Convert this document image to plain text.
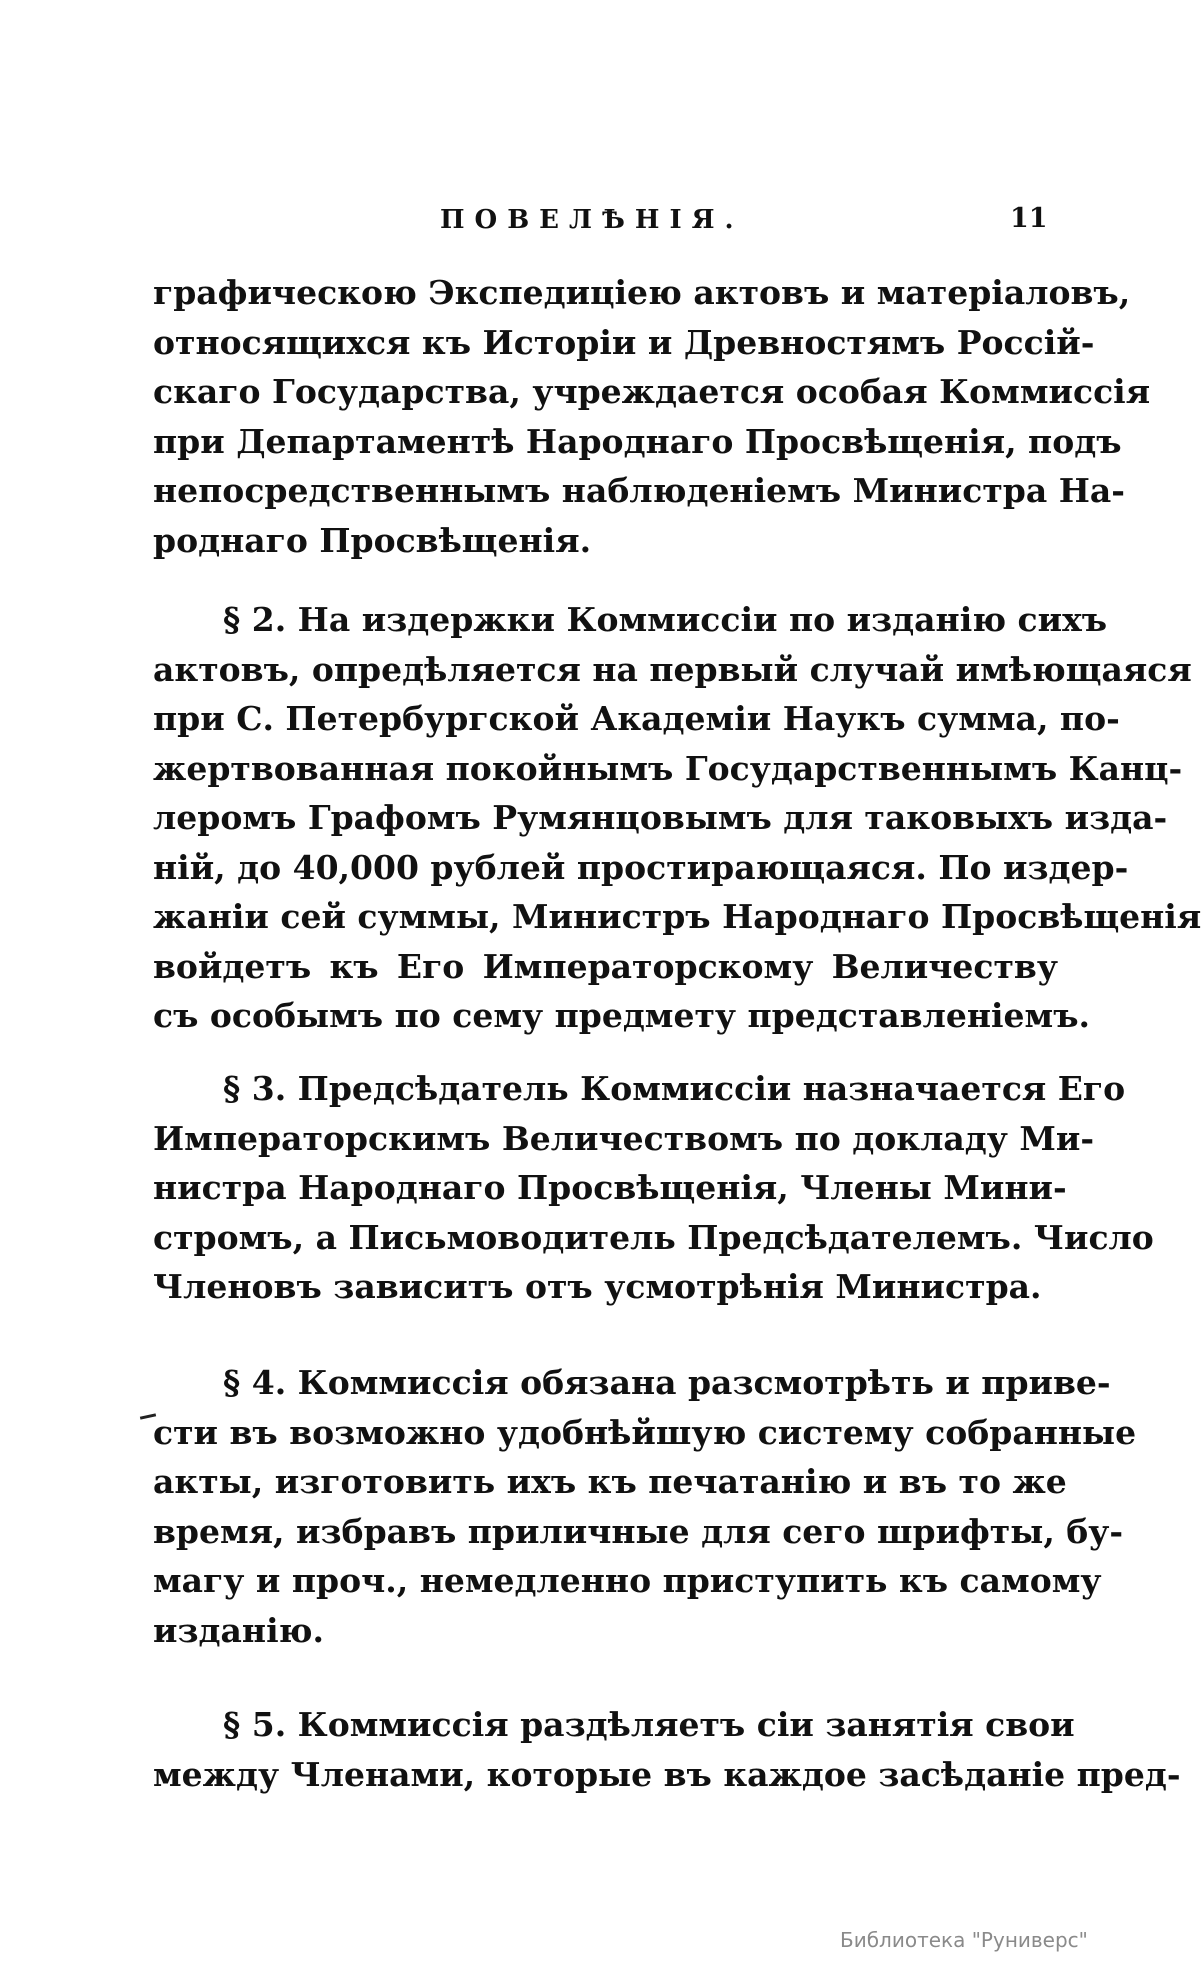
ПОВЕЛѢНІЯ.	11
графическою Экспедиціею актовъ и матеріаловъ,
относящихся къ Исторіи и Древностямъ Россій-
скаго Государства, учреждается особая Коммиссія
при Департаментѣ Народнаго Просвѣщенія, подъ
непосредственнымъ наблюденіемъ Министра На-
роднаго Просвѣщенія.
§ 2. На издержки Коммиссіи по изданію сихъ
актовъ, опредѣляется на первый случай имѣющаяся
при С. Петербургской Академіи Наукъ сумма, по-
жертвованная покойнымъ Государственнымъ Канц-
леромъ Графомъ Румянцовымъ для таковыхъ изда-
ній, до 40,000 рублей простирающаяся. По издер-
жаніи сей суммы, Министръ Народнаго Просвѣщенія
войдетъ къ Его Императорскому Величеству
съ особымъ по сему предмету представленіемъ.
§ 3. Предсѣдатель Коммиссіи назначается Его
Императорскимъ Величествомъ по докладу Ми-
нистра Народнаго Просвѣщенія, Члены Мини-
стромъ, а Письмоводитель Предсѣдателемъ. Число
Членовъ зависитъ отъ усмотрѣнія Министра.
§ 4. Коммиссія обязана разсмотрѣть и приве-
сти въ возможно удобнѣйшую систему собранные
акты, изготовить ихъ къ печатанію и въ то же
время, избравъ приличные для сего шрифты, бу-
магу и проч., немедленно приступить къ самому
изданію.
§ 5. Коммиссія раздѣляетъ сіи занятія свои
между Членами, которые въ каждое засѣданіе пред-
Библиотека "Руниверс"
